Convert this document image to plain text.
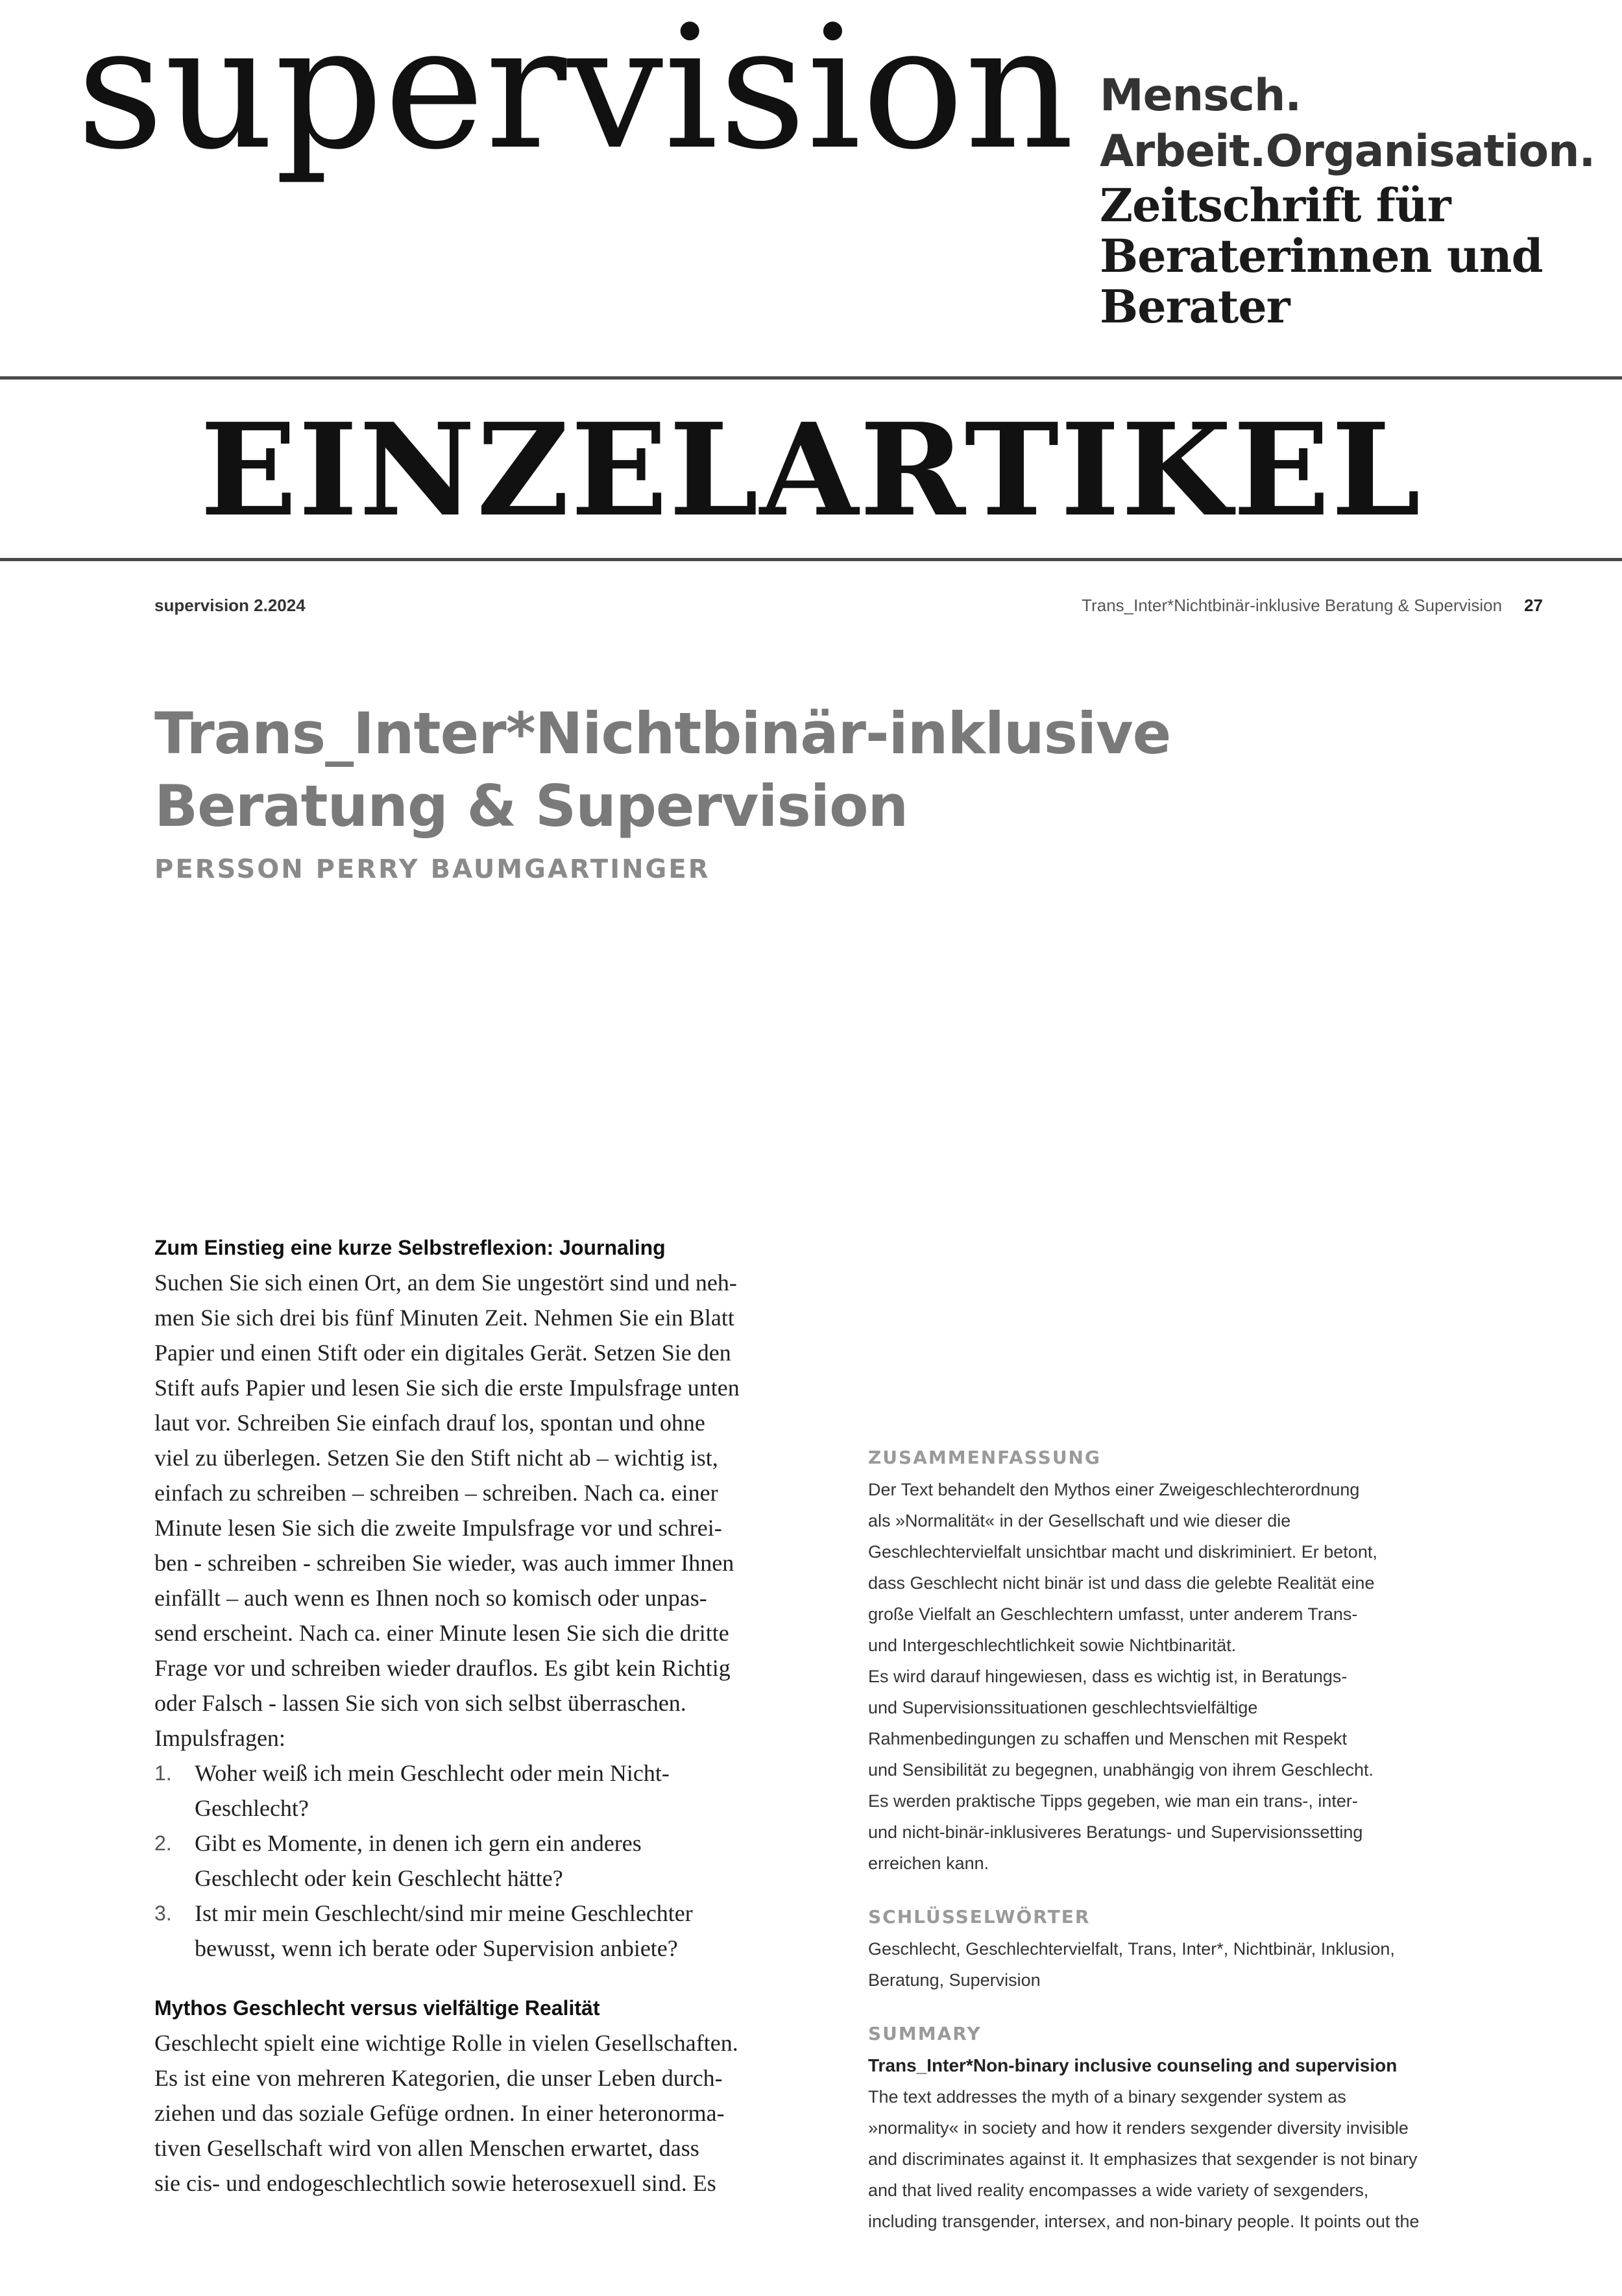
supervision Mensch.
Arbeit.Organisation.
Zeitschrift für
Beraterinnen und
Berater
EINZELARTIKEL
supervision 2.2024	Trans_Inter*Nichtbinär-inklusive Beratung & Supervision 27
Trans_Inter*Nichtbinär-inklusive
Beratung & Supervision
PERSSON PERRY BAUMGARTINGER
Zum Einstieg eine kurze Selbstreflexion: Journaling
Suchen Sie sich einen Ort, an dem Sie ungestört sind und neh-
men Sie sich drei bis fünf Minuten Zeit. Nehmen Sie ein Blatt
Papier und einen Stift oder ein digitales Gerät. Setzen Sie den
Stift aufs Papier und lesen Sie sich die erste Impulsfrage unten
laut vor. Schreiben Sie einfach drauf los, spontan und ohne
viel zu überlegen. Setzen Sie den Stift nicht ab – wichtig ist,
einfach zu schreiben – schreiben – schreiben. Nach ca. einer
Minute lesen Sie sich die zweite Impulsfrage vor und schrei-
ben - schreiben - schreiben Sie wieder, was auch immer Ihnen
einfällt – auch wenn es Ihnen noch so komisch oder unpas-
send erscheint. Nach ca. einer Minute lesen Sie sich die dritte
Frage vor und schreiben wieder drauflos. Es gibt kein Richtig
oder Falsch - lassen Sie sich von sich selbst überraschen.
Impulsfragen:
1. Woher weiß ich mein Geschlecht oder mein Nicht-
Geschlecht?
2. Gibt es Momente, in denen ich gern ein anderes
Geschlecht oder kein Geschlecht hätte?
3. Ist mir mein Geschlecht/sind mir meine Geschlechter
bewusst, wenn ich berate oder Supervision anbiete?
Mythos Geschlecht versus vielfältige Realität
Geschlecht spielt eine wichtige Rolle in vielen Gesellschaften.
Es ist eine von mehreren Kategorien, die unser Leben durch-
ziehen und das soziale Gefüge ordnen. In einer heteronorma-
tiven Gesellschaft wird von allen Menschen erwartet, dass
sie cis- und endogeschlechtlich sowie heterosexuell sind. Es
ZUSAMMENFASSUNG
Der Text behandelt den Mythos einer Zweigeschlechterordnung
als »Normalität« in der Gesellschaft und wie dieser die
Geschlechtervielfalt unsichtbar macht und diskriminiert. Er betont,
dass Geschlecht nicht binär ist und dass die gelebte Realität eine
große Vielfalt an Geschlechtern umfasst, unter anderem Trans-
und Intergeschlechtlichkeit sowie Nichtbinarität.
Es wird darauf hingewiesen, dass es wichtig ist, in Beratungs-
und Supervisionssituationen geschlechtsvielfältige
Rahmenbedingungen zu schaffen und Menschen mit Respekt
und Sensibilität zu begegnen, unabhängig von ihrem Geschlecht.
Es werden praktische Tipps gegeben, wie man ein trans-, inter-
und nicht-binär-inklusiveres Beratungs- und Supervisionssetting
erreichen kann.
SCHLÜSSELWÖRTER
Geschlecht, Geschlechtervielfalt, Trans, Inter*, Nichtbinär, Inklusion,
Beratung, Supervision
SUMMARY
Trans_Inter*Non-binary inclusive counseling and supervision
The text addresses the myth of a binary sexgender system as
»normality« in society and how it renders sexgender diversity invisible
and discriminates against it. It emphasizes that sexgender is not binary
and that lived reality encompasses a wide variety of sexgenders,
including transgender, intersex, and non-binary people. It points out the
